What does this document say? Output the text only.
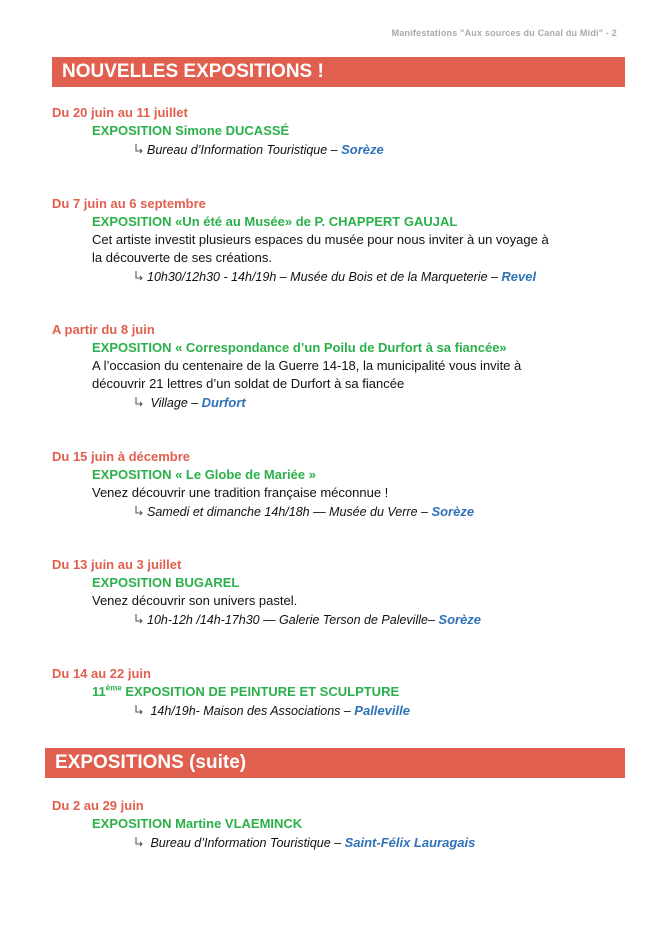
Manifestations "Aux sources du Canal du Midi" - 2
NOUVELLES EXPOSITIONS !
Du 20 juin au 11 juillet
EXPOSITION Simone DUCASSÉ
Bureau d’Information Touristique – Sorèze
Du 7 juin au 6 septembre
EXPOSITION «Un été au Musée» de P. CHAPPERT GAUJAL
Cet artiste investit plusieurs espaces du musée pour nous inviter à un voyage à
la découverte de ses créations.
10h30/12h30 - 14h/19h – Musée du Bois et de la Marqueterie – Revel
A partir du 8 juin
EXPOSITION « Correspondance d’un Poilu de Durfort à sa fiancée»
A l’occasion du centenaire de la Guerre 14-18, la municipalité vous invite à
découvrir 21 lettres d’un soldat de Durfort à sa fiancée
Village – Durfort
Du 15 juin à décembre
EXPOSITION « Le Globe de Mariée »
Venez découvrir une tradition française méconnue !
Samedi et dimanche 14h/18h — Musée du Verre – Sorèze
Du 13 juin au 3 juillet
EXPOSITION BUGAREL
Venez découvrir son univers pastel.
10h-12h /14h-17h30 — Galerie Terson de Paleville– Sorèze
Du 14 au 22 juin
11ème EXPOSITION DE PEINTURE ET SCULPTURE
14h/19h- Maison des Associations – Palleville
EXPOSITIONS (suite)
Du 2 au 29 juin
EXPOSITION Martine VLAEMINCK
Bureau d’Information Touristique – Saint-Félix Lauragais
